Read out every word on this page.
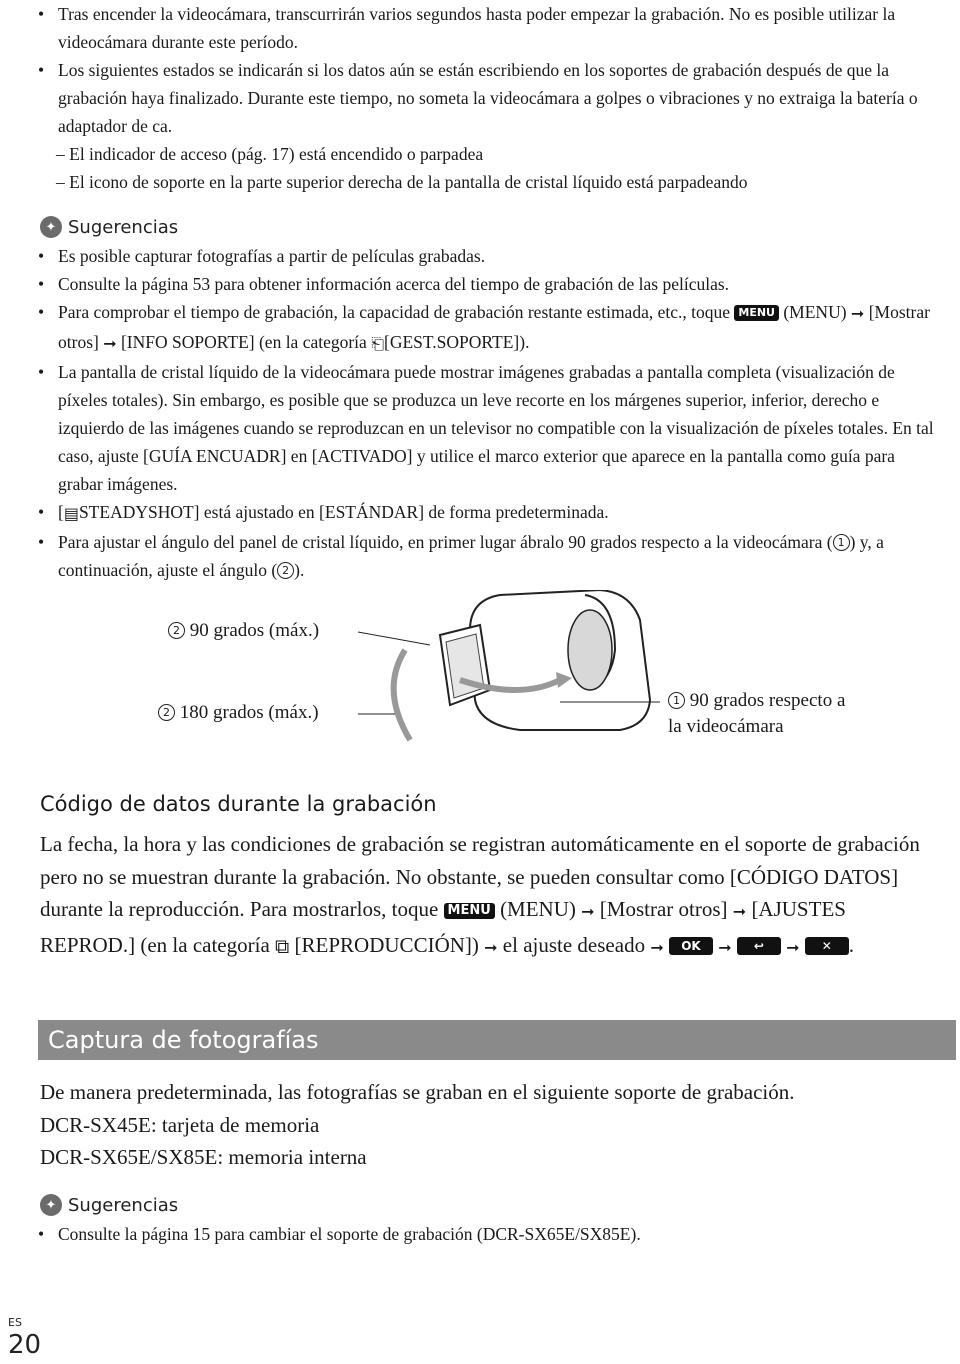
• Tras encender la videocámara, transcurrirán varios segundos hasta poder empezar la grabación. No es posible utilizar la videocámara durante este período.
• Los siguientes estados se indicarán si los datos aún se están escribiendo en los soportes de grabación después de que la grabación haya finalizado. Durante este tiempo, no someta la videocámara a golpes o vibraciones y no extraiga la batería o adaptador de ca.
– El indicador de acceso (pág. 17) está encendido o parpadea
– El icono de soporte en la parte superior derecha de la pantalla de cristal líquido está parpadeando
✦ Sugerencias
• Es posible capturar fotografías a partir de películas grabadas.
• Consulte la página 53 para obtener información acerca del tiempo de grabación de las películas.
• Para comprobar el tiempo de grabación, la capacidad de grabación restante estimada, etc., toque MENU (MENU) ➞ [Mostrar otros] ➞ [INFO SOPORTE] (en la categoría ⎗[GEST.SOPORTE]).
• La pantalla de cristal líquido de la videocámara puede mostrar imágenes grabadas a pantalla completa (visualización de píxeles totales). Sin embargo, es posible que se produzca un leve recorte en los márgenes superior, inferior, derecho e izquierdo de las imágenes cuando se reproduzcan en un televisor no compatible con la visualización de píxeles totales. En tal caso, ajuste [GUÍA ENCUADR] en [ACTIVADO] y utilice el marco exterior que aparece en la pantalla como guía para grabar imágenes.
• [▤STEADYSHOT] está ajustado en [ESTÁNDAR] de forma predeterminada.
• Para ajustar el ángulo del panel de cristal líquido, en primer lugar ábralo 90 grados respecto a la videocámara ( 1 ) y, a continuación, ajuste el ángulo ( 2 ).
2 90 grados (máx.)
2 180 grados (máx.)
1 90 grados respecto a
la videocámara
Código de datos durante la grabación

La fecha, la hora y las condiciones de grabación se registran automáticamente en el soporte de grabación pero no se muestran durante la grabación. No obstante, se pueden consultar como [CÓDIGO DATOS] durante la reproducción. Para mostrarlos, toque MENU (MENU) ➞ [Mostrar otros] ➞ [AJUSTES REPROD.] (en la categoría ⧉ [REPRODUCCIÓN]) ➞ el ajuste deseado ➞ OK ➞ ↩ ➞ ✕ .

Captura de fotografías

De manera predeterminada, las fotografías se graban en el siguiente soporte de grabación.
DCR-SX45E: tarjeta de memoria
DCR-SX65E/SX85E: memoria interna

✦ Sugerencias
• Consulte la página 15 para cambiar el soporte de grabación (DCR-SX65E/SX85E).
ES
20
